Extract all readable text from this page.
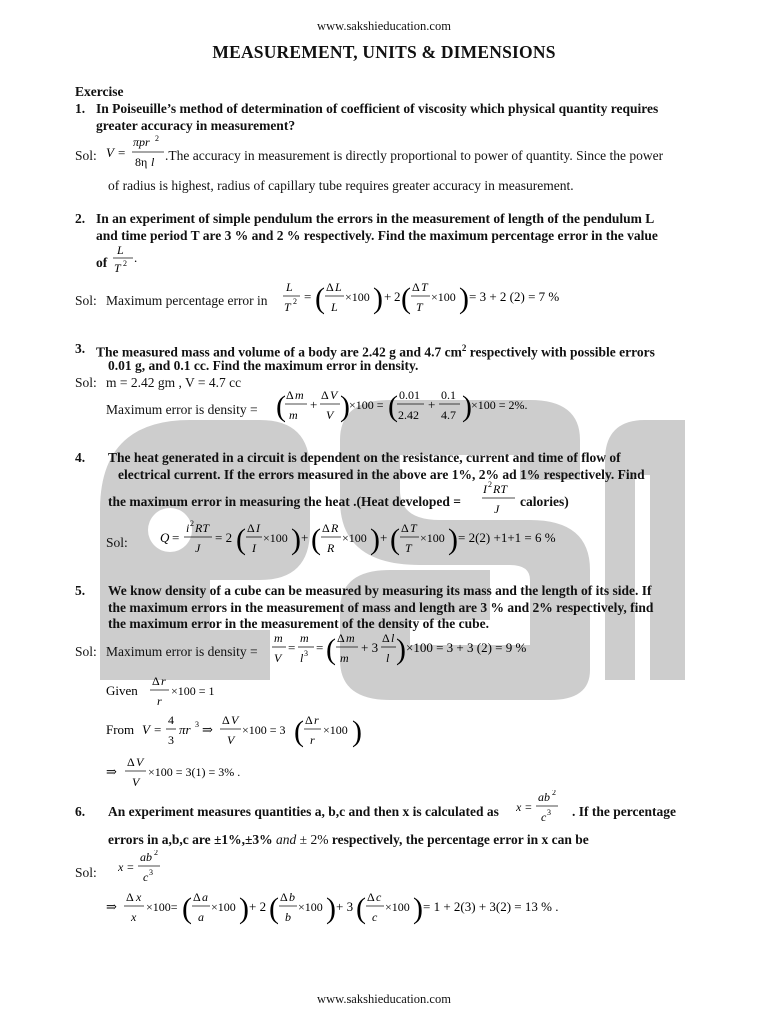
www.sakshieducation.com
MEASUREMENT, UNITS & DIMENSIONS
Exercise
1. In Poiseuille’s method of determination of coefficient of viscosity which physical quantity requires
greater accuracy in measurement?
Sol: V =
πpr 2
8η l .The accuracy in measurement is directly proportional to power of quantity. Since the power
of radius is highest, radius of capillary tube requires greater accuracy in measurement.
2. In an experiment of simple pendulum the errors in the measurement of length of the pendulum L
and time period T are 3 % and 2 % respectively. Find the maximum percentage error in the value
of
L
T 2 .
Sol: Maximum percentage error in
L
T 2 = ( Δ L
L
×100 ) + 2 ( Δ T
T
×100 ) = 3 + 2 (2) = 7 %
3. The measured mass and volume of a body are 2.42 g and 4.7 $cm^2$ respectively with possible errors
0.01 g, and 0.1 cc. Find the maximum error in density.
Sol: m = 2.42 gm , V = 4.7 cc
Maximum error is density = ( Δ m
m
+
Δ V
V ) ×100 = ( 0.01
2.42
+
0.1
4.7 ) ×100 = 2%.
4. The heat generated in a circuit is dependent on the resistance, current and time of flow of
electrical current. If the errors measured in the above are 1%, 2% ad 1% respectively. Find
the maximum error in measuring the heat .(Heat developed =
I 2 RT
J calories)
Sol: Q =
i 2 RT
J
= 2 ( Δ I
I
×100 ) + ( Δ R
R
×100 ) + ( Δ T
T
×100 ) = 2(2) +1+1 = 6 %
5. We know density of a cube can be measured by measuring its mass and the length of its side. If
the maximum errors in the measurement of mass and length are 3 % and 2% respectively, find
the maximum error in the measurement of the density of the cube.
Sol: Maximum error is density =
m
V
=
m
l 3 = ( Δ m
m
+ 3
Δ l
l ) ×100 = 3 + 3 (2) = 9 %
Given
Δ r
r
×100 = 1
From V =
4
3
πr 3 ⇒
Δ V
V
×100 = 3 ( Δ r
r
×100 )
⇒
Δ V
V
×100 = 3(1) = 3% .
6. An experiment measures quantities a, b,c and then x is calculated as x =
ab 2
c 3 . If the percentage
errors in a,b,c are ±1%,±3% and ± 2% respectively, the percentage error in x can be
Sol: x =
ab 2
c 3
⇒
Δ x
x
×100= ( Δ a
a
×100 ) + 2 ( Δ b
b
×100 ) + 3 ( Δ c
c
×100 ) = 1 + 2(3) + 3(2) = 13 % .
www.sakshieducation.com
